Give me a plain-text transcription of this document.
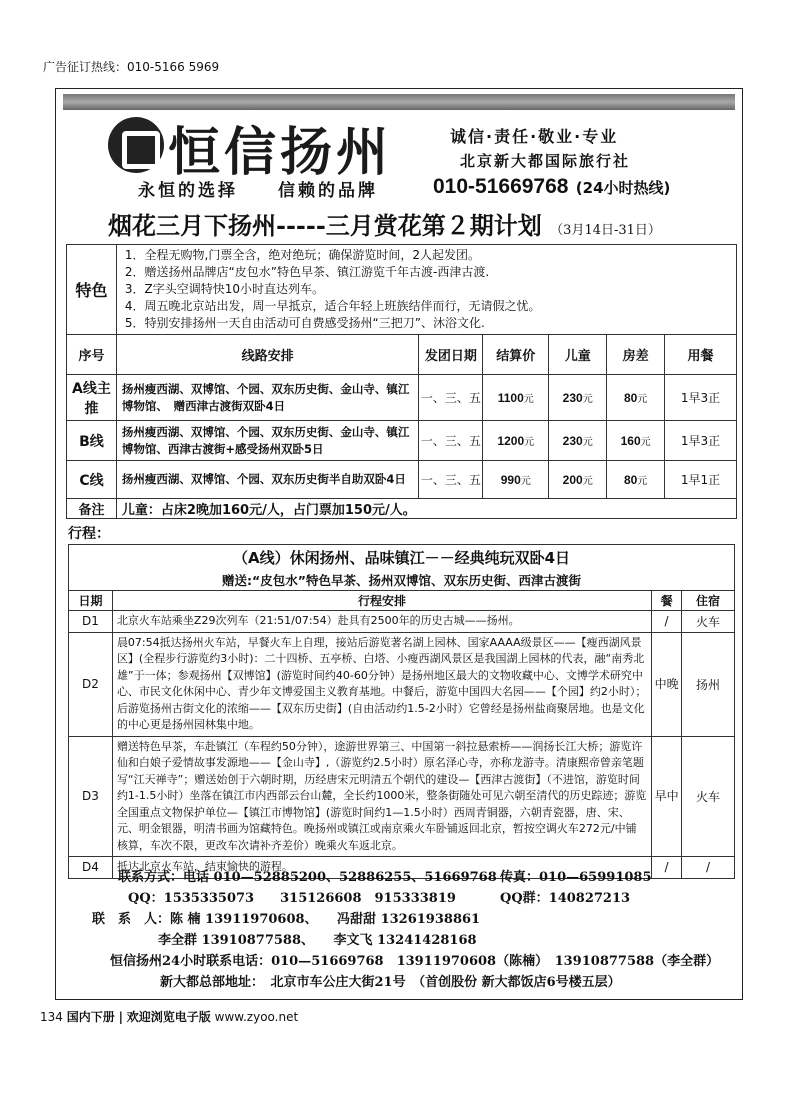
广告征订热线：010-5166 5969
恒信扬州
永恒的选择　　信赖的品牌
诚信·责任·敬业·专业
北京新大都国际旅行社
010-51669768 (24小时热线)
烟花三月下扬州-----三月赏花第２期计划 （3月14日-31日）
特色	1．全程无购物,门票全含，绝对绝玩；确保游览时间，2人起发团。
2．赠送扬州品牌店“皮包水”特色早茶、镇江游览千年古渡-西津古渡.
3．Z字头空调特快10小时直达列车。
4．周五晚北京站出发，周一早抵京，适合年轻上班族结伴而行，无请假之忧。
5．特别安排扬州一天自由活动可自费感受扬州“三把刀”、沐浴文化.					

序号	线路安排	发团日期	结算价	儿童	房差	用餐
A线主推	扬州瘦西湖、双博馆、个园、双东历史街、金山寺、镇江博物馆、　赠西津古渡街双卧4日	一、三、五	1100元	230元	80元	1早3正
B线	扬州瘦西湖、双博馆、个园、双东历史街、金山寺、镇江博物馆、西津古渡街+感受扬州双卧5日	一、三、五	1200元	230元	160元	1早3正
C线	扬州瘦西湖、双博馆、个园、双东历史街半自助双卧4日	一、三、五	990元	200元	80元	1早1正
备注	儿童：占床2晚加160元/人，占门票加150元/人。					
行程：
（A线）休闲扬州、品味镇江－－经典纯玩双卧4日			
赠送:“皮包水”特色早茶、扬州双博馆、双东历史街、西津古渡街			
日期	行程安排	餐	住宿
D1	北京火车站乘坐Z29次列车（21:51/07:54）赴具有2500年的历史古城——扬州。	/	火车
D2	晨07:54抵达扬州火车站，早餐火车上自理，接站后游览著名湖上园林、国家AAAA级景区——【瘦西湖风景区】(全程步行游览约3小时)：二十四桥、五亭桥、白塔、小瘦西湖风景区是我国湖上园林的代表，融“南秀北雄”于一体；参观扬州【双博馆】(游览时间约40-60分钟）是扬州地区最大的文物收藏中心、文博学术研究中心、市民文化休闲中心、青少年文博爱国主义教育基地。中餐后，游览中国四大名园——【个园】约2小时）；后游览扬州古街文化的浓缩——【双东历史街】(自由活动约1.5-2小时）它曾经是扬州盐商聚居地。也是文化的中心更是扬州园林集中地。	中晚	扬州
D3	赠送特色早茶，车赴镇江（车程约50分钟），途游世界第三、中国第一斜拉悬索桥——润扬长江大桥；游览许仙和白娘子爱情故事发源地——【金山寺】,（游览约2.5小时）原名泽心寺，亦称龙游寺。清康熙帝曾亲笔题写“江天禅寺”；赠送始创于六朝时期，历经唐宋元明清五个朝代的建设—【西津古渡街】（不进馆，游览时间约1-1.5小时）坐落在镇江市内西部云台山麓，全长约1000米，整条街随处可见六朝至清代的历史踪迹；游览全国重点文物保护单位—【镇江市博物馆】(游览时间约1—1.5小时）西周青铜器，六朝青瓷器，唐、宋、元、明金银器，明清书画为馆藏特色。晚扬州或镇江或南京乘火车卧铺返回北京，暂按空调火车272元/中铺核算，车次不限，更改车次请补齐差价）晚乘火车返北京。	早中	火车
D4	抵达北京火车站，结束愉快的游程。	/	/
联系方式：电话 010—52885200、52886255、51669768 传真：010—65991085
QQ：1535335073　　315126608　915333819	QQ群：140827213
联　系　人：陈 楠 13911970608、　　冯甜甜 13261938861
李全群 13910877588、　　李文飞 13241428168
恒信扬州24小时联系电话：010—51669768　13911970608（陈楠）　13910877588（李全群）
新大都总部地址：　北京市车公庄大街21号　（首创股份 新大都饭店6号楼五层）
134 国内下册 | 欢迎浏览电子版 www.zyoo.net
